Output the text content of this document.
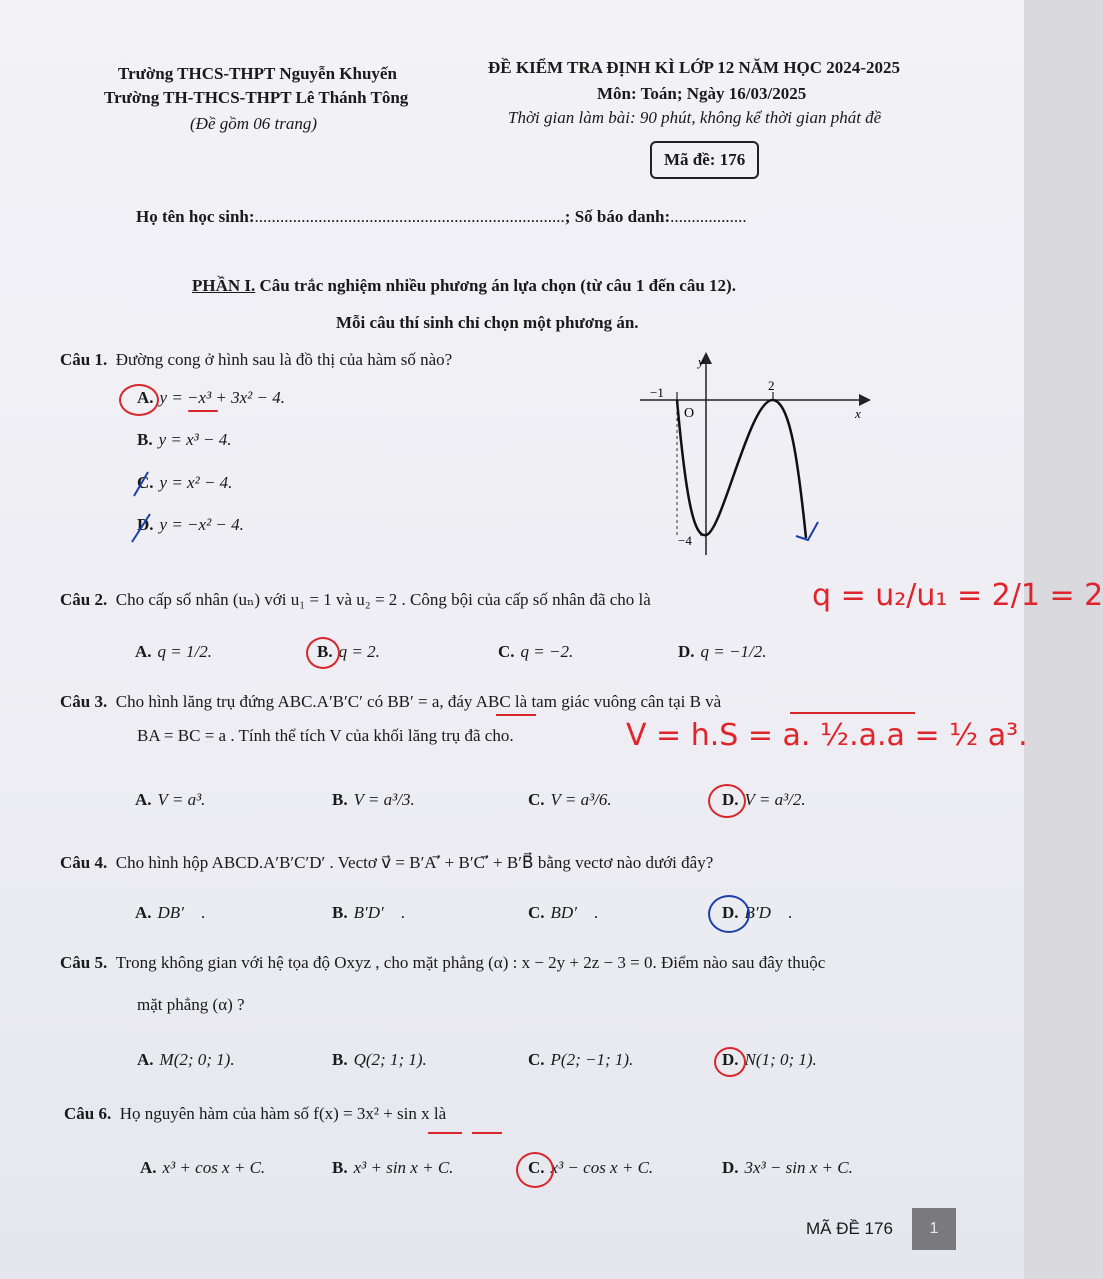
Trường THCS-THPT Nguyễn Khuyến
Trường TH-THCS-THPT Lê Thánh Tông
(Đề gồm 06 trang)
ĐỀ KIỂM TRA ĐỊNH KÌ LỚP 12 NĂM HỌC 2024-2025
Môn: Toán; Ngày 16/03/2025
Thời gian làm bài: 90 phút, không kể thời gian phát đề
Mã đề: 176
Họ tên học sinh:.........................................................................; Số báo danh:..................
PHẦN I. Câu trắc nghiệm nhiều phương án lựa chọn (từ câu 1 đến câu 12).
Mỗi câu thí sinh chỉ chọn một phương án.
Câu 1. Đường cong ở hình sau là đồ thị của hàm số nào?
A. y = −x³ + 3x² − 4.
B. y = x³ − 4.
C. y = x² − 4.
D. y = −x² − 4.
y
x
O
−1	2
−4
Câu 2. Cho cấp số nhân (uₙ) với u₁ = 1 và u₂ = 2 . Công bội của cấp số nhân đã cho là	q = u₂/u₁ = 2/1 = 2
A. q = 1/2.	B. q = 2.	C. q = −2.	D. q = −1/2.
Câu 3. Cho hình lăng trụ đứng ABC.A′B′C′ có BB′ = a, đáy ABC là tam giác vuông cân tại B và
BA = BC = a . Tính thể tích V của khối lăng trụ đã cho.	V = h.S = a. ½.a.a = ½ a³.
A. V = a³.	B. V = a³/3.	C. V = a³/6.	D. V = a³/2.
Câu 4. Cho hình hộp ABCD.A′B′C′D′ . Vectơ v⃗ = B′A′⃗ + B′C′⃗ + B′B⃗ bằng vectơ nào dưới đây?
A. DB′⃗ .	B. B′D′⃗ .	C. BD′⃗ .	D. B′D⃗ .
Câu 5. Trong không gian với hệ tọa độ Oxyz , cho mặt phẳng (α) : x − 2y + 2z − 3 = 0. Điểm nào sau đây thuộc
mặt phẳng (α) ?
A. M(2; 0; 1).	B. Q(2; 1; 1).	C. P(2; −1; 1).	D. N(1; 0; 1).
Câu 6. Họ nguyên hàm của hàm số f(x) = 3x² + sin x là
A. x³ + cos x + C.	B. x³ + sin x + C.	C. x³ − cos x + C.	D. 3x³ − sin x + C.
MÃ ĐỀ 176	1
